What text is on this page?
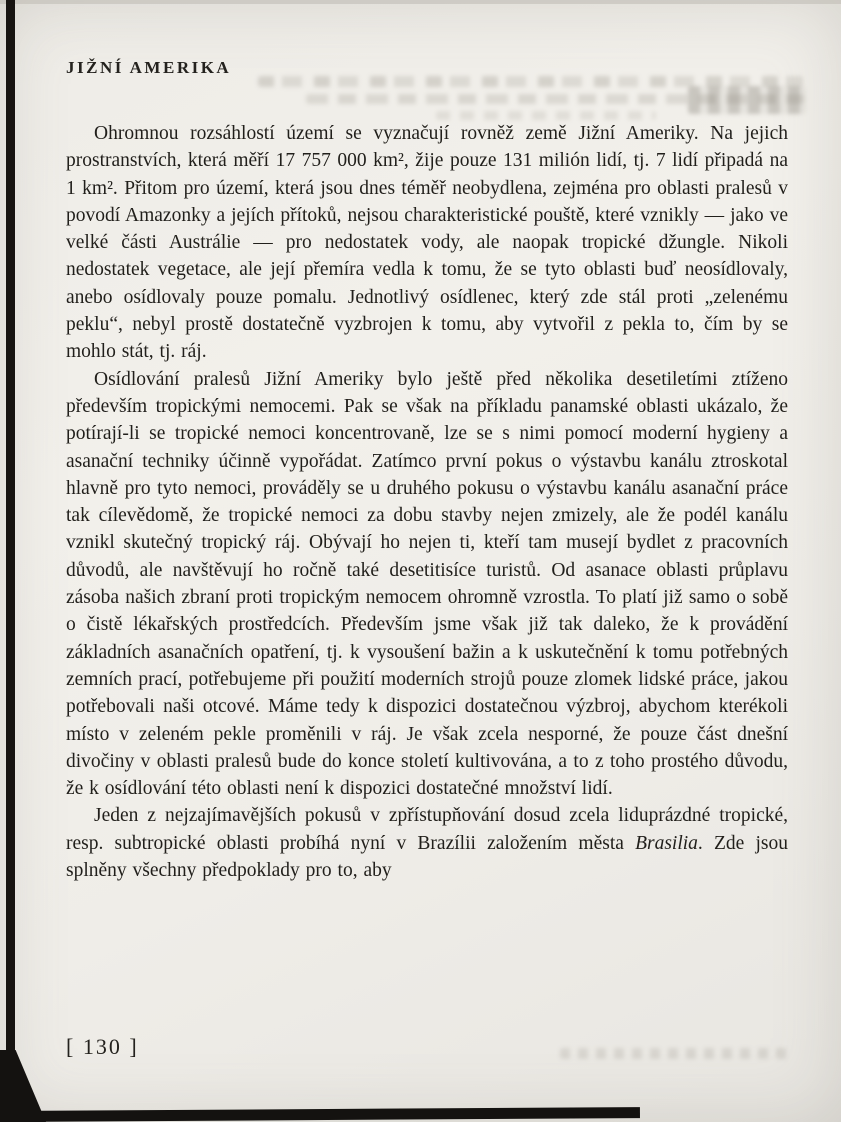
JIŽNÍ AMERIKA

Ohromnou rozsáhlostí území se vyznačují rovněž země Jižní Ameriky. Na jejich prostranstvích, která měří 17 757 000 km², žije pouze 131 milión lidí, tj. 7 lidí připadá na 1 km². Přitom pro území, která jsou dnes téměř neobydlena, zejména pro oblasti pralesů v povodí Amazonky a jejích přítoků, nejsou charakteristické pouště, které vznikly — jako ve velké části Austrálie — pro nedostatek vody, ale naopak tropické džungle. Nikoli nedostatek vegetace, ale její přemíra vedla k tomu, že se tyto oblasti buď neosídlovaly, anebo osídlovaly pouze pomalu. Jednotlivý osídlenec, který zde stál proti „zelenému peklu“, nebyl prostě dostatečně vyzbrojen k tomu, aby vytvořil z pekla to, čím by se mohlo stát, tj. ráj.

Osídlování pralesů Jižní Ameriky bylo ještě před několika desetiletími ztíženo především tropickými nemocemi. Pak se však na příkladu panamské oblasti ukázalo, že potírají-li se tropické nemoci koncentrovaně, lze se s nimi pomocí moderní hygieny a asanační techniky účinně vypořádat. Zatímco první pokus o výstavbu kanálu ztroskotal hlavně pro tyto nemoci, prováděly se u druhého pokusu o výstavbu kanálu asanační práce tak cílevědomě, že tropické nemoci za dobu stavby nejen zmizely, ale že podél kanálu vznikl skutečný tropický ráj. Obývají ho nejen ti, kteří tam musejí bydlet z pracovních důvodů, ale navštěvují ho ročně také desetitisíce turistů. Od asanace oblasti průplavu zásoba našich zbraní proti tropickým nemocem ohromně vzrostla. To platí již samo o sobě o čistě lékařských prostředcích. Především jsme však již tak daleko, že k provádění základních asanačních opatření, tj. k vysoušení bažin a k uskutečnění k tomu potřebných zemních prací, potřebujeme při použití moderních strojů pouze zlomek lidské práce, jakou potřebovali naši otcové. Máme tedy k dispozici dostatečnou výzbroj, abychom kterékoli místo v zeleném pekle proměnili v ráj. Je však zcela nesporné, že pouze část dnešní divočiny v oblasti pralesů bude do konce století kultivována, a to z toho prostého důvodu, že k osídlování této oblasti není k dispozici dostatečné množství lidí.

Jeden z nejzajímavějších pokusů v zpřístupňování dosud zcela liduprázdné tropické, resp. subtropické oblasti probíhá nyní v Brazílii založením města Brasilia. Zde jsou splněny všechny předpoklady pro to, aby

[ 130 ]
